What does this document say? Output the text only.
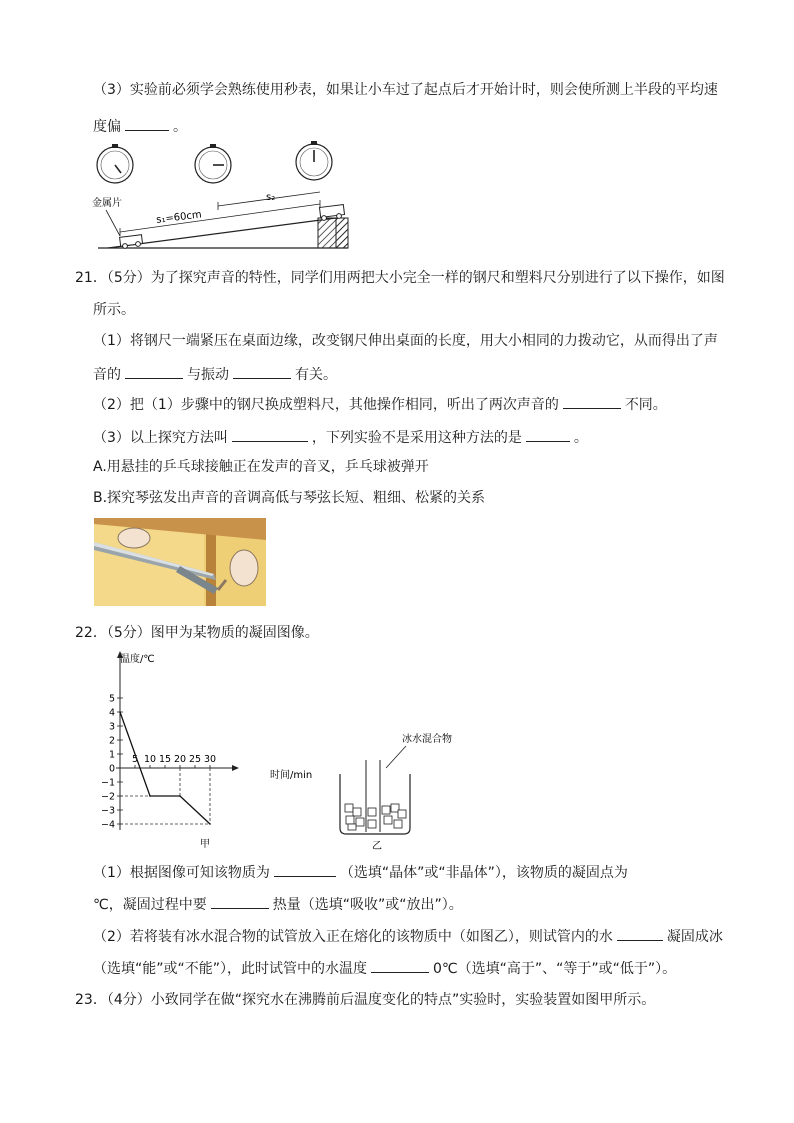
（3）实验前必须学会熟练使用秒表，如果让小车过了起点后才开始计时，则会使所测上半段的平均速
度偏	。
金属片
s₁=60cm
s₂
21．（5分）为了探究声音的特性，同学们用两把大小完全一样的钢尺和塑料尺分别进行了以下操作，如图
所示。
（1）将钢尺一端紧压在桌面边缘，改变钢尺伸出桌面的长度，用大小相同的力拨动它，从而得出了声
音的	与振动	有关。
（2）把（1）步骤中的钢尺换成塑料尺，其他操作相同，听出了两次声音的	不同。
（3）以上探究方法叫	，下列实验不是采用这种方法的是	。
A.用悬挂的乒乓球接触正在发声的音叉，乒乓球被弹开
B.探究琴弦发出声音的音调高低与琴弦长短、粗细、松紧的关系
22．（5分）图甲为某物质的凝固图像。
5
4
3
2
1
0
−1
−2
−3
−4
5 10 15 20 25 30
温度/℃
时间/min
甲
冰水混合物
乙
（1）根据图像可知该物质为	（选填“晶体”或“非晶体”），该物质的凝固点为
℃，凝固过程中要	热量（选填“吸收”或“放出”）。
（2）若将装有冰水混合物的试管放入正在熔化的该物质中（如图乙），则试管内的水	凝固成冰
（选填“能”或“不能”），此时试管中的水温度	0℃（选填“高于”、“等于”或“低于”）。
23．（4分）小致同学在做“探究水在沸腾前后温度变化的特点”实验时，实验装置如图甲所示。
